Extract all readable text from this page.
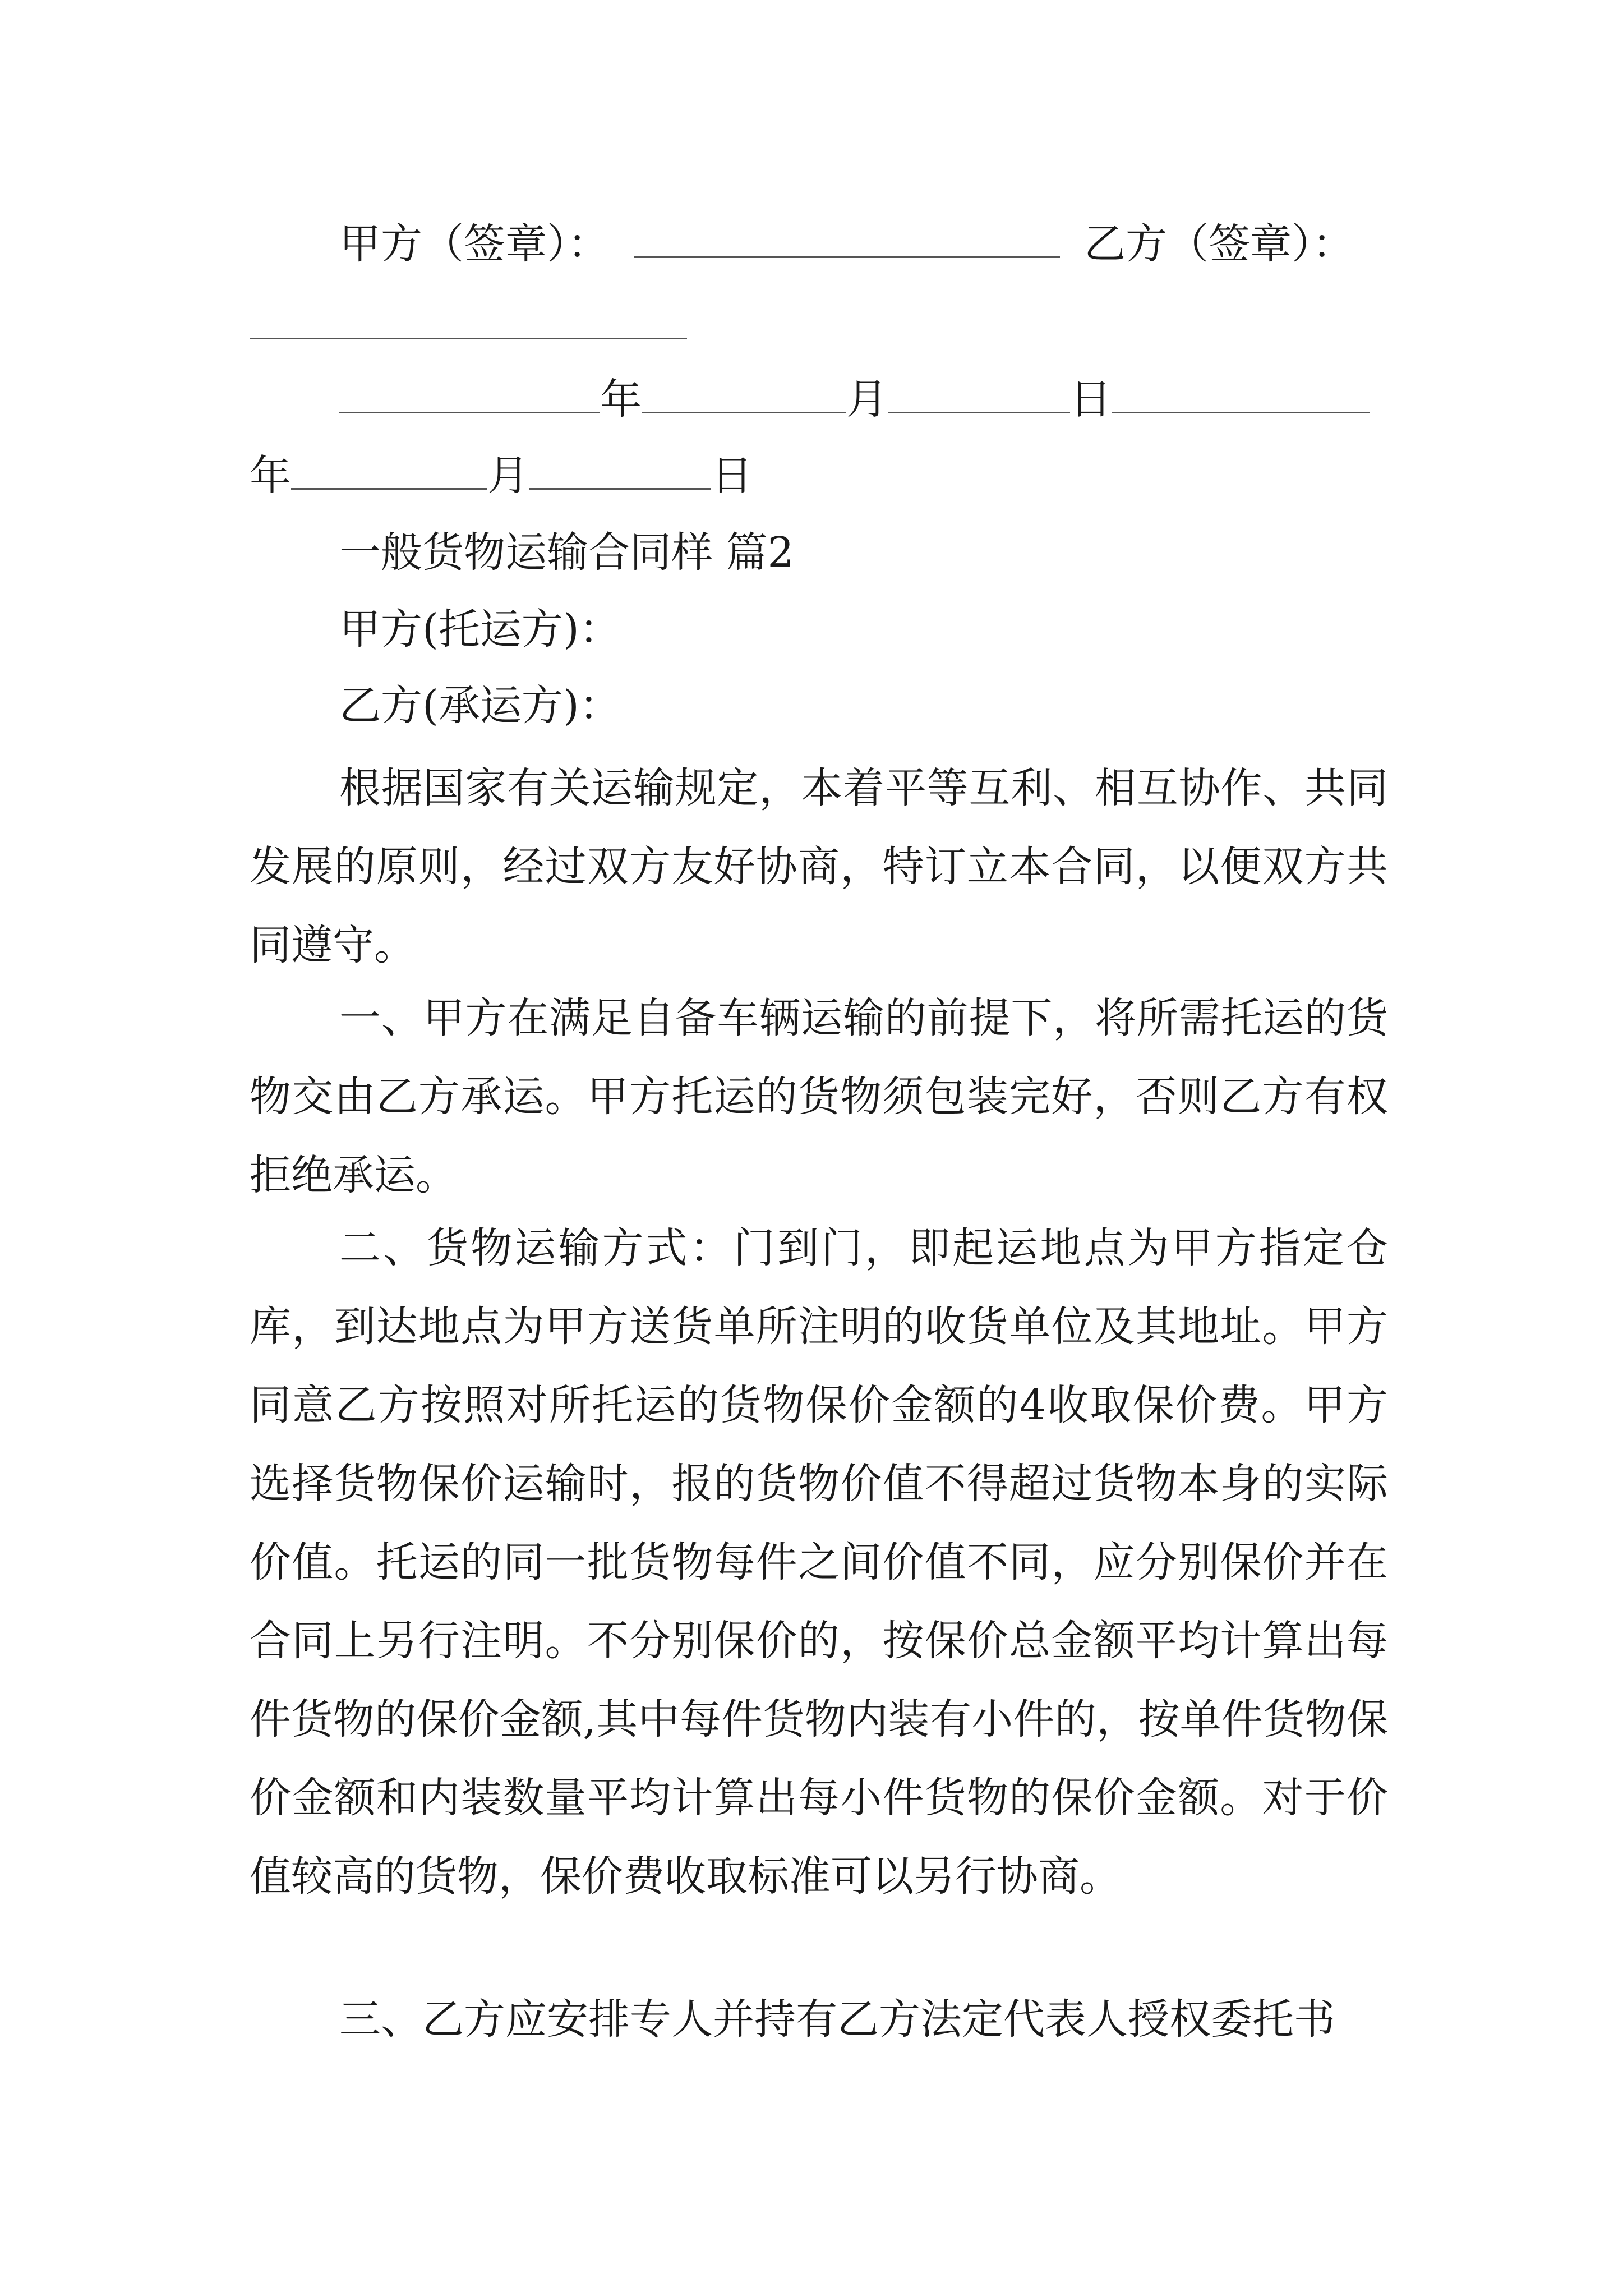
甲方（签章）：	乙方（签章）：
年	月	日
年	月	日
一般货物运输合同样 篇2
甲方(托运方)：
乙方(承运方)：
根据国家有关运输规定，本着平等互利、相互协作、共同发展的原则，经过双方友好协商，特订立本合同，以便双方共同遵守。
一、甲方在满足自备车辆运输的前提下，将所需托运的货物交由乙方承运。甲方托运的货物须包装完好，否则乙方有权拒绝承运。
二、货物运输方式：门到门，即起运地点为甲方指定仓库，到达地点为甲方送货单所注明的收货单位及其地址。甲方同意乙方按照对所托运的货物保价金额的4收取保价费。甲方选择货物保价运输时，报的货物价值不得超过货物本身的实际价值。托运的同一批货物每件之间价值不同，应分别保价并在合同上另行注明。不分别保价的，按保价总金额平均计算出每件货物的保价金额,其中每件货物内装有小件的，按单件货物保价金额和内装数量平均计算出每小件货物的保价金额。对于价值较高的货物，保价费收取标准可以另行协商。
三、乙方应安排专人并持有乙方法定代表人授权委托书
